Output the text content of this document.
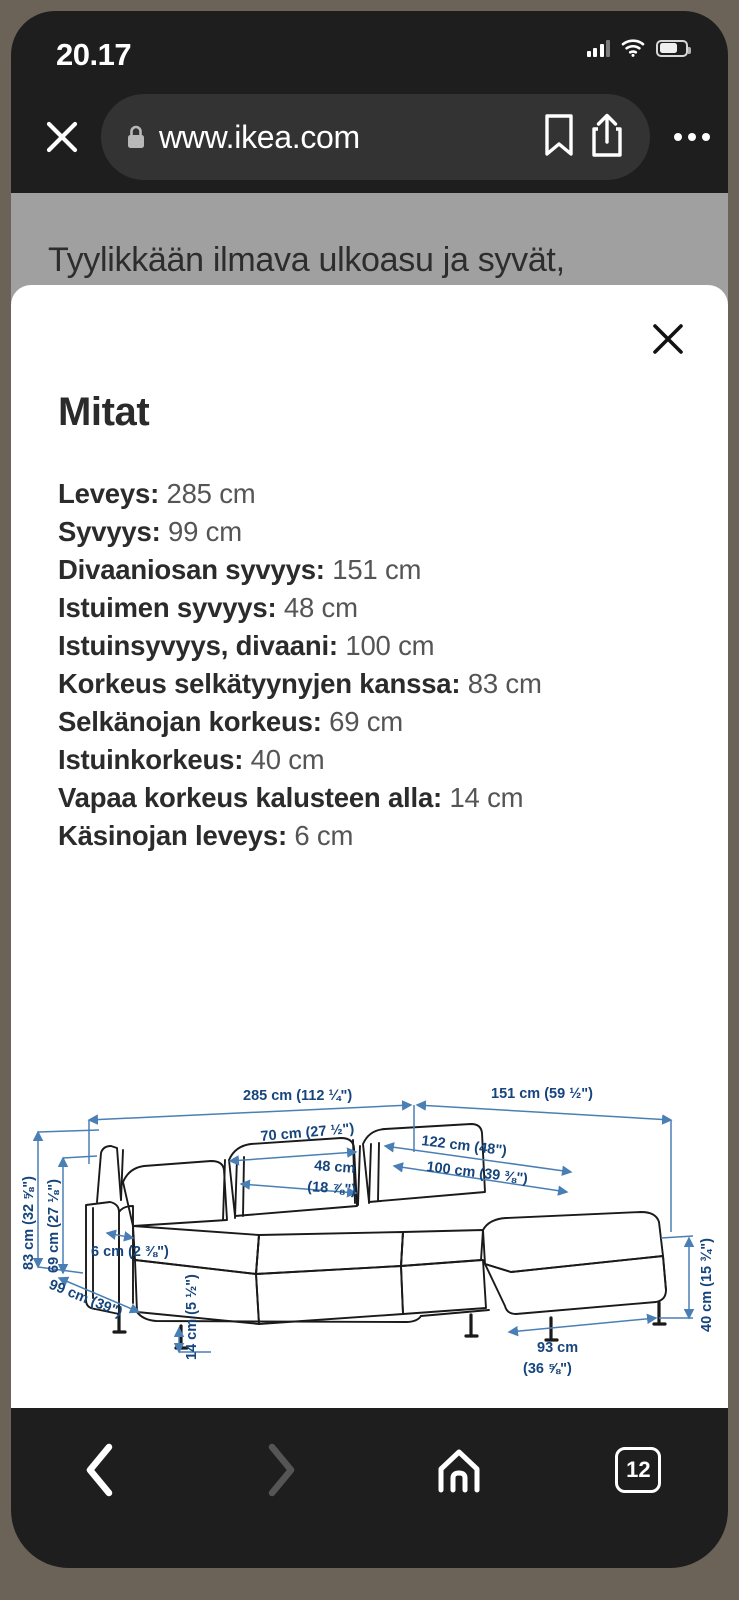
20.17
www.ikea.com
Tyylikkään ilmava ulkoasu ja syvät,
Mitat
Leveys: 285 cm
Syvyys: 99 cm
Divaaniosan syvyys: 151 cm
Istuimen syvyys: 48 cm
Istuinsyvyys, divaani: 100 cm
Korkeus selkätyynyjen kanssa: 83 cm
Selkänojan korkeus: 69 cm
Istuinkorkeus: 40 cm
Vapaa korkeus kalusteen alla: 14 cm
Käsinojan leveys: 6 cm
285 cm (112 ¼")	151 cm (59 ½")
70 cm (27 ½")
48 cm
(18 ⅞")
122 cm (48")
100 cm (39 ⅜")
83 cm (32 ⅝") 69 cm (27 ⅛")
99 cm (39")
6 cm (2 ⅜")
14 cm (5 ½")	93 cm
(36 ⅝")
40 cm (15 ¾")
12
